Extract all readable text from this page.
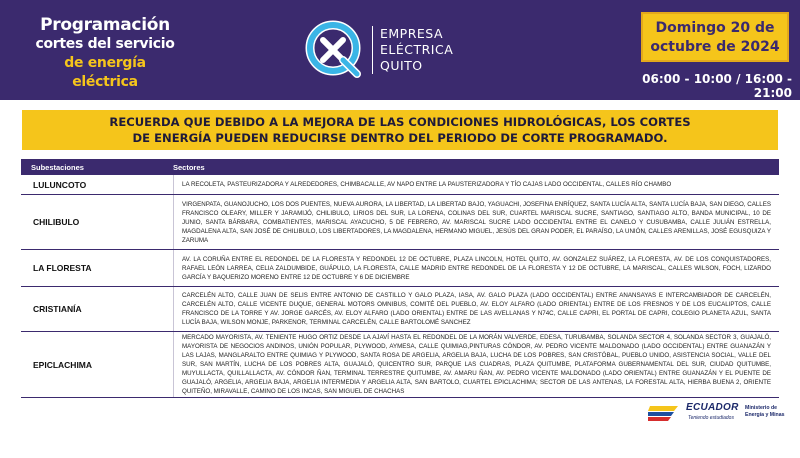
Programación
cortes del servicio
de energía eléctrica
EMPRESA
ELÉCTRICA
QUITO
Domingo 20 de
octubre de 2024
06:00 - 10:00 / 16:00 - 21:00
RECUERDA QUE DEBIDO A LA MEJORA DE LAS CONDICIONES HIDROLÓGICAS, LOS CORTES
DE ENERGÍA PUEDEN REDUCIRSE DENTRO DEL PERIODO DE CORTE PROGRAMADO.
Subestaciones	Sectores
LULUNCOTO	LA RECOLETA, PASTEURIZADORA Y ALREDEDORES, CHIMBACALLE, AV NAPO ENTRE LA PAUSTERIZADORA Y TÍO CAJAS LADO OCCIDENTAL, CALLES RÍO CHAMBO
CHILIBULO
VIRGENPATA, GUANOJUCHO, LOS DOS PUENTES, NUEVA AURORA, LA LIBERTAD, LA LIBERTAD BAJO, YAGUACHI, JOSEFINA ENRÍQUEZ, SANTA LUCÍA ALTA, SANTA LUCÍA BAJA, SAN DIEGO, CALLES FRANCISCO OLEARY, MILLER Y JARAMIJÓ, CHILIBULO, LIRIOS DEL SUR, LA LORENA, COLINAS DEL SUR, CUARTEL MARISCAL SUCRE, SANTIAGO, SANTIAGO ALTO, BANDA MUNICIPAL, 10 DE JUNIO, SANTA BÁRBARA, COMBATIENTES, MARISCAL AYACUCHO, 5 DE FEBRERO, AV. MARISCAL SUCRE LADO OCCIDENTAL ENTRE EL CANELO Y CUSUBAMBA, CALLE JULIÁN ESTRELLA, MAGDALENA ALTA, SAN JOSÉ DE CHILIBULO, LOS LIBERTADORES, LA MAGDALENA, HERMANO MIGUEL, JESÚS DEL GRAN PODER, EL PARAÍSO, LA UNIÓN, CALLES ARENILLAS, JOSÉ EGUSQUIZA Y ZARUMA
LA FLORESTA
AV. LA CORUÑA ENTRE EL REDONDEL DE LA FLORESTA Y REDONDEL 12 DE OCTUBRE, PLAZA LINCOLN, HOTEL QUITO, AV. GONZALEZ SUÁREZ, LA FLORESTA, AV. DE LOS CONQUISTADORES, RAFAEL LEÓN LARREA, CELIA ZALDUMBIDE, GUÁPULO, LA FLORESTA, CALLE MADRID ENTRE REDONDEL DE LA FLORESTA Y 12 DE OCTUBRE, LA MARISCAL, CALLES WILSON, FOCH, LIZARDO GARCÍA Y BAQUERIZO MORENO ENTRE 12 DE OCTUBRE Y 6 DE DICIEMBRE
CRISTIANÍA
CARCELÉN ALTO, CALLE JUAN DE SELIS ENTRE ANTONIO DE CASTILLO Y GALO PLAZA, IASA, AV. GALO PLAZA (LADO OCCIDENTAL) ENTRE ANANSAYAS E INTERCAMBIADOR DE CARCELÉN, CARCELÉN ALTO, CALLE VICENTE DUQUE, GENERAL MOTORS OMNIBUS, COMITÉ DEL PUEBLO, AV. ELOY ALFARO (LADO ORIENTAL) ENTRE DE LOS FRESNOS Y DE LOS EUCALIPTOS, CALLE FRANCISCO DE LA TORRE Y AV. JORGE GARCÉS, AV. ELOY ALFARO (LADO ORIENTAL) ENTRE DE LAS AVELLANAS Y N74C, CALLE CAPRI, EL PORTAL DE CAPRI, COLEGIO PLANETA AZUL, SANTA LUCÍA BAJA, WILSON MONJE, PARKENOR, TERMINAL CARCELÉN, CALLE BARTOLOMÉ SANCHEZ
EPICLACHIMA
MERCADO MAYORISTA, AV. TENIENTE HUGO ORTIZ DESDE LA AJAVÍ HASTA EL REDONDEL DE LA MORÁN VALVERDE, EDESA, TURUBAMBA, SOLANDA SECTOR 4, SOLANDA SECTOR 3, GUAJALÓ, MAYORISTA DE NEGOCIOS ANDINOS, UNIÓN POPULAR, PLYWOOD, AYMESA, CALLE QUIMIAG,PINTURAS CÓNDOR, AV. PEDRO VICENTE MALDONADO (LADO OCCIDENTAL) ENTRE GUANAZÁN Y LAS LAJAS, MANGLARALTO ENTRE QUIMIAG Y PLYWOOD, SANTA ROSA DE ARGELIA, ARGELIA BAJA, LUCHA DE LOS POBRES, SAN CRISTÓBAL, PUEBLO UNIDO, ASISTENCIA SOCIAL, VALLE DEL SUR, SAN MARTÍN, LUCHA DE LOS POBRES ALTA, GUAJALÓ, QUICENTRO SUR, PARQUE LAS CUADRAS, PLAZA QUITUMBE, PLATAFORMA GUBERNAMENTAL DEL SUR, CIUDAD QUITUMBE, MUYULLACTA, QUILLALLACTA, AV. CÓNDOR ÑAN, TERMINAL TERRESTRE QUITUMBE, AV. AMARU ÑAN, AV. PEDRO VICENTE MALDONADO (LADO ORIENTAL) ENTRE GUANAZÁN Y EL PUENTE DE GUAJALÓ, ARGELIA, ARGELIA BAJA, ARGELIA INTERMEDIA Y ARGELIA ALTA, SAN BARTOLO, CUARTEL EPICLACHIMA; SECTOR DE LAS ANTENAS, LA FORESTAL ALTA, HIERBA BUENA 2, ORIENTE QUITEÑO, MIRAVALLE, CAMINO DE LOS INCAS, SAN MIGUEL DE CHACHAS
ECUADOR
Teniendo estudiados
Ministerio de
Energía y Minas
